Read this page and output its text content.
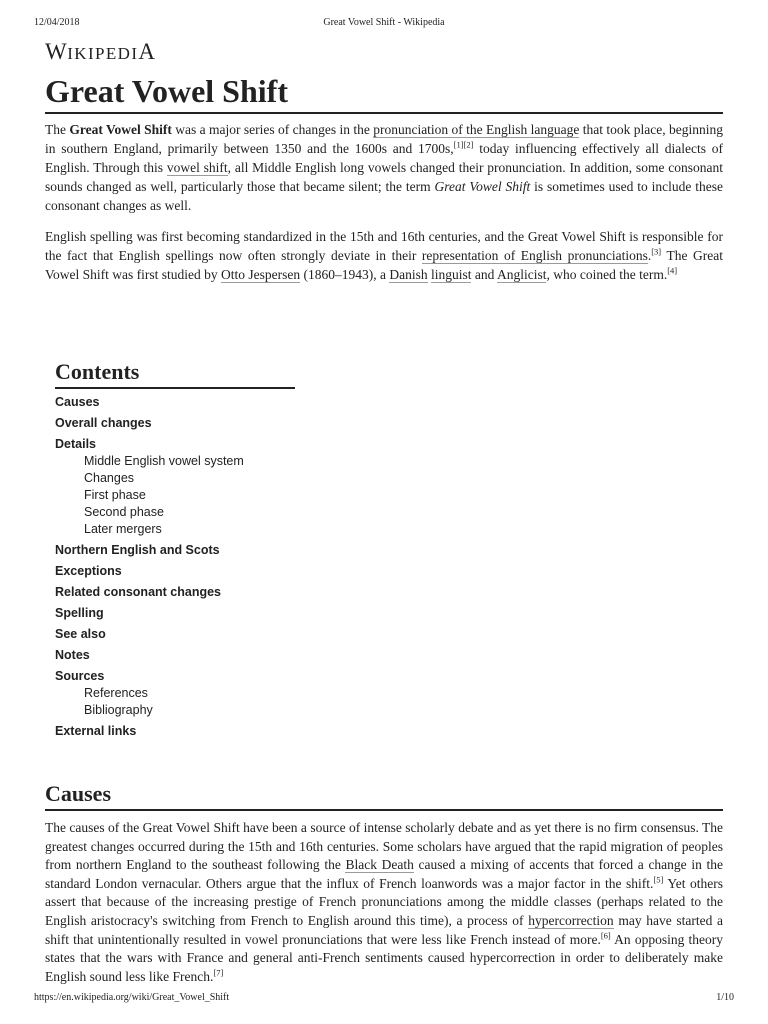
12/04/2018	Great Vowel Shift - Wikipedia
WIKIPEDIA
Great Vowel Shift

The Great Vowel Shift was a major series of changes in the pronunciation of the English language that took place, beginning in southern England, primarily between 1350 and the 1600s and 1700s,[1][2] today influencing effectively all dialects of English. Through this vowel shift, all Middle English long vowels changed their pronunciation. In addition, some consonant sounds changed as well, particularly those that became silent; the term Great Vowel Shift is sometimes used to include these consonant changes as well.

English spelling was first becoming standardized in the 15th and 16th centuries, and the Great Vowel Shift is responsible for the fact that English spellings now often strongly deviate in their representation of English pronunciations.[3] The Great Vowel Shift was first studied by Otto Jespersen (1860–1943), a Danish linguist and Anglicist, who coined the term.[4]

Contents
Causes
Overall changes
Details
Middle English vowel system
Changes
First phase
Second phase
Later mergers
Northern English and Scots
Exceptions
Related consonant changes
Spelling
See also
Notes
Sources
References
Bibliography
External links
Causes

The causes of the Great Vowel Shift have been a source of intense scholarly debate and as yet there is no firm consensus. The greatest changes occurred during the 15th and 16th centuries. Some scholars have argued that the rapid migration of peoples from northern England to the southeast following the Black Death caused a mixing of accents that forced a change in the standard London vernacular. Others argue that the influx of French loanwords was a major factor in the shift.[5] Yet others assert that because of the increasing prestige of French pronunciations among the middle classes (perhaps related to the English aristocracy's switching from French to English around this time), a process of hypercorrection may have started a shift that unintentionally resulted in vowel pronunciations that were less like French instead of more.[6] An opposing theory states that the wars with France and general anti-French sentiments caused hypercorrection in order to deliberately make English sound less like French.[7]

https://en.wikipedia.org/wiki/Great_Vowel_Shift	1/10
